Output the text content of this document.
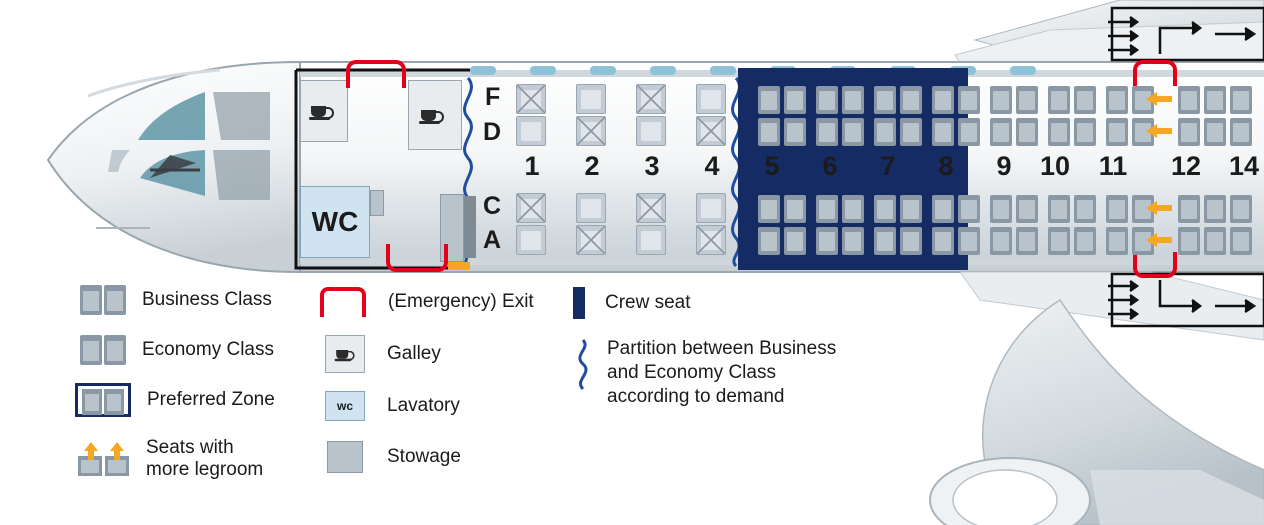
WC
F
D
C
A
1	2	3	4	5	6	7	8	9	10 11 12 14
Business Class
Economy Class
Preferred Zone
Seats with
more legroom
(Emergency) Exit
Galley
wc	Lavatory
Stowage
Crew seat
Partition between Business
and Economy Class
according to demand
